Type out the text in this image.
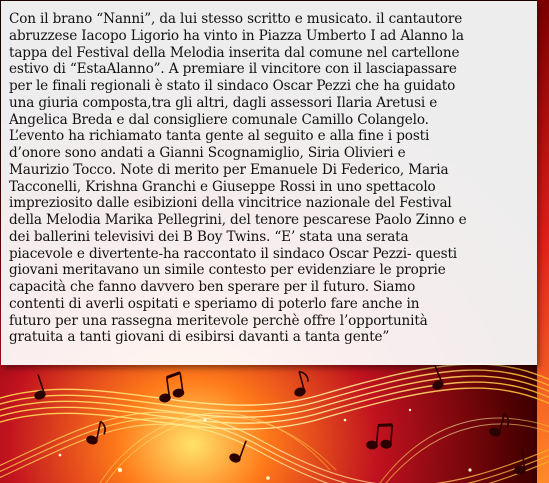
Con il brano “Nanni”, da lui stesso scritto e musicato. il cantautore
abruzzese Iacopo Ligorio ha vinto in Piazza Umberto I ad Alanno la
tappa del Festival della Melodia inserita dal comune nel cartellone
estivo di “EstaAlanno”. A premiare il vincitore con il lasciapassare
per le finali regionali è stato il sindaco Oscar Pezzi che ha guidato
una giuria composta,tra gli altri, dagli assessori Ilaria Aretusi e
Angelica Breda e dal consigliere comunale Camillo Colangelo.
L’evento ha richiamato tanta gente al seguito e alla fine i posti
d’onore sono andati a Gianni Scognamiglio, Siria Olivieri e
Maurizio Tocco. Note di merito per Emanuele Di Federico, Maria
Tacconelli, Krishna Granchi e Giuseppe Rossi in uno spettacolo
impreziosito dalle esibizioni della vincitrice nazionale del Festival
della Melodia Marika Pellegrini, del tenore pescarese Paolo Zinno e
dei ballerini televisivi dei B Boy Twins. “E’ stata una serata
piacevole e divertente-ha raccontato il sindaco Oscar Pezzi- questi
giovani meritavano un simile contesto per evidenziare le proprie
capacità che fanno davvero ben sperare per il futuro. Siamo
contenti di averli ospitati e speriamo di poterlo fare anche in
futuro per una rassegna meritevole perchè offre l’opportunità
gratuita a tanti giovani di esibirsi davanti a tanta gente”
